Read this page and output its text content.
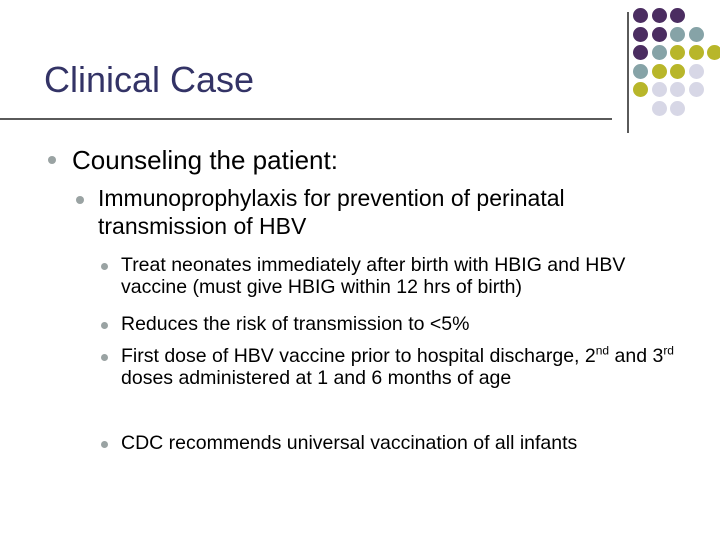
Clinical Case
Counseling the patient:
Immunoprophylaxis for prevention of perinatal transmission of HBV
Treat neonates immediately after birth with HBIG and HBV vaccine (must give HBIG within 12 hrs of birth)
Reduces the risk of transmission to <5%
First dose of HBV vaccine prior to hospital discharge, 2nd and 3rd doses administered at 1 and 6 months of age
CDC recommends universal vaccination of all infants
